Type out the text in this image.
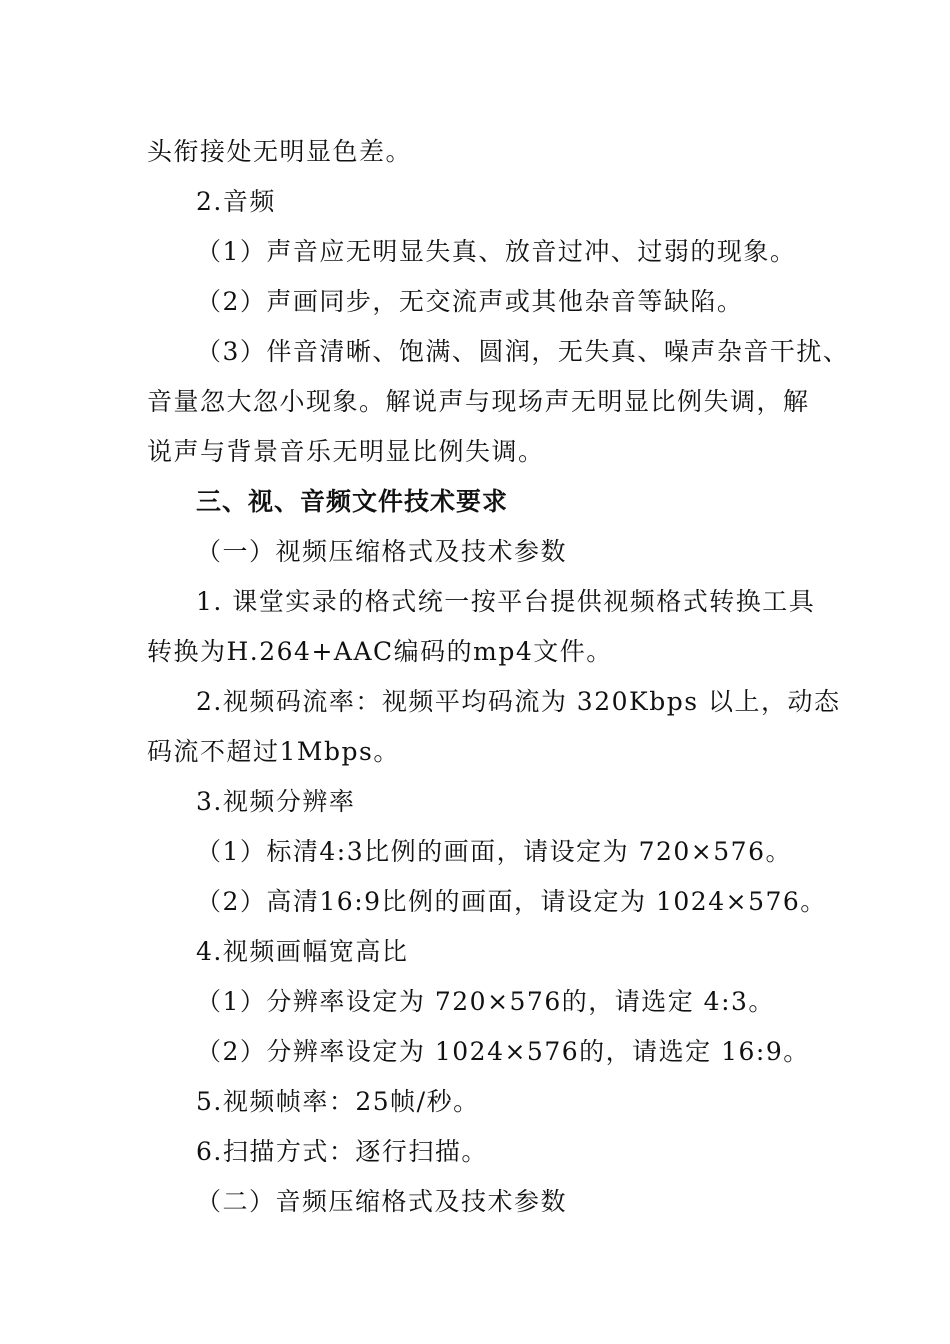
头衔接处无明显色差。
2.音频
（1）声音应无明显失真、放音过冲、过弱的现象。
（2）声画同步，无交流声或其他杂音等缺陷。
（3）伴音清晰、饱满、圆润，无失真、噪声杂音干扰、
音量忽大忽小现象。解说声与现场声无明显比例失调，解
说声与背景音乐无明显比例失调。
三、视、音频文件技术要求
（一）视频压缩格式及技术参数
1. 课堂实录的格式统一按平台提供视频格式转换工具
转换为H.264+AAC编码的mp4文件。
2.视频码流率：视频平均码流为 320Kbps 以上，动态
码流不超过1Mbps。
3.视频分辨率
（1）标清4:3比例的画面，请设定为 720×576。
（2）高清16:9比例的画面，请设定为 1024×576。
4.视频画幅宽高比
（1）分辨率设定为 720×576的，请选定 4:3。
（2）分辨率设定为 1024×576的，请选定 16:9。
5.视频帧率：25帧/秒。
6.扫描方式：逐行扫描。
（二）音频压缩格式及技术参数
